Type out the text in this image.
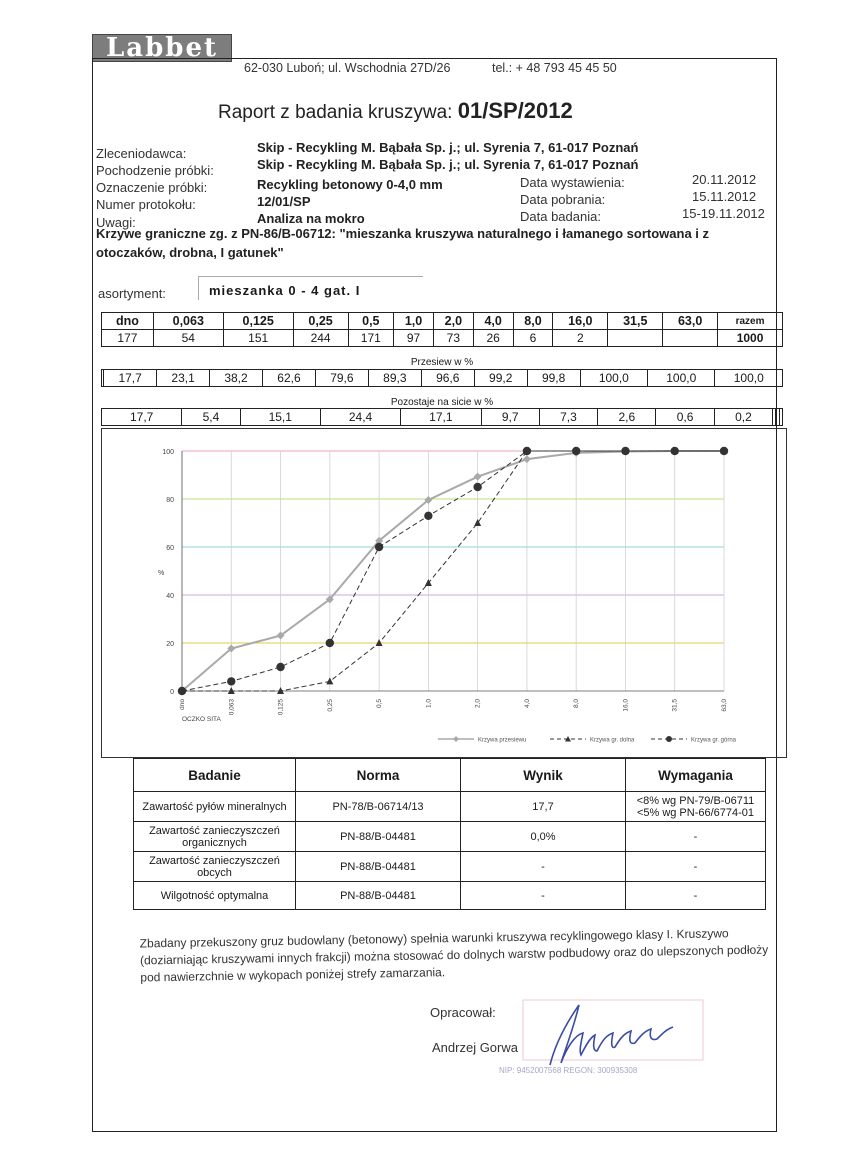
Labbet
62-030 Luboń; ul. Wschodnia 27D/26	tel.: + 48 793 45 45 50
Raport z badania kruszywa: 01/SP/2012
Zleceniodawca:	Skip - Recykling M. Bąbała Sp. j.; ul. Syrenia 7, 61-017 Poznań
Pochodzenie próbki:	Skip - Recykling M. Bąbała Sp. j.; ul. Syrenia 7, 61-017 Poznań
Oznaczenie próbki:	Recykling betonowy 0-4,0 mm
Numer protokołu:	12/01/SP
Uwagi:	Analiza na mokro
Data wystawienia:	20.11.2012
Data pobrania:	15.11.2012
Data badania:	15-19.11.2012
Krzywe graniczne zg. z PN-86/B-06712: "mieszanka kruszywa naturalnego i łamanego sortowana i z otoczaków, drobna, I gatunek"
asortyment:	mieszanka 0 - 4 gat. I
dno	0,063	0,125	0,25	0,5	1,0	2,0	4,0	8,0	16,0	31,5	63,0	razem
177	54	151	244	171	97	73	26	6	2			1000
Przesiew w %
	17,7	23,1	38,2	62,6	79,6	89,3	96,6	99,2	99,8	100,0	100,0	100,0
Pozostaje na sicie w %
17,7	5,4	15,1	24,4	17,1	9,7	7,3	2,6	0,6	0,2			
0
20
40
60
80
100
dno	0,063	0,125	0,25	0,5	1,0	2,0	4,0	8,0	16,0	31,5	63,0
%
OCZKO SITA
Krzywa przesiewu	Krzywa gr. dolna	Krzywa gr. górna
Badanie	Norma	Wynik	Wymagania
Zawartość pyłów mineralnych	PN-78/B-06714/13	17,7	<8% wg PN-79/B-06711
<5% wg PN-66/6774-01
Zawartość zanieczyszczeń organicznych	PN-88/B-04481	0,0%	-
Zawartość zanieczyszczeń obcych	PN-88/B-04481	-	-
Wilgotność optymalna	PN-88/B-04481	-	-
Zbadany przekuszony gruz budowlany (betonowy) spełnia warunki kruszywa recyklingowego klasy I. Kruszywo (doziarniając kruszywami innych frakcji) można stosować do dolnych warstw podbudowy oraz do ulepszonych podłoży pod nawierzchnie w wykopach poniżej strefy zamarzania.
Opracował:
Andrzej Gorwa
NIP: 9452007568 REGON: 300935308
